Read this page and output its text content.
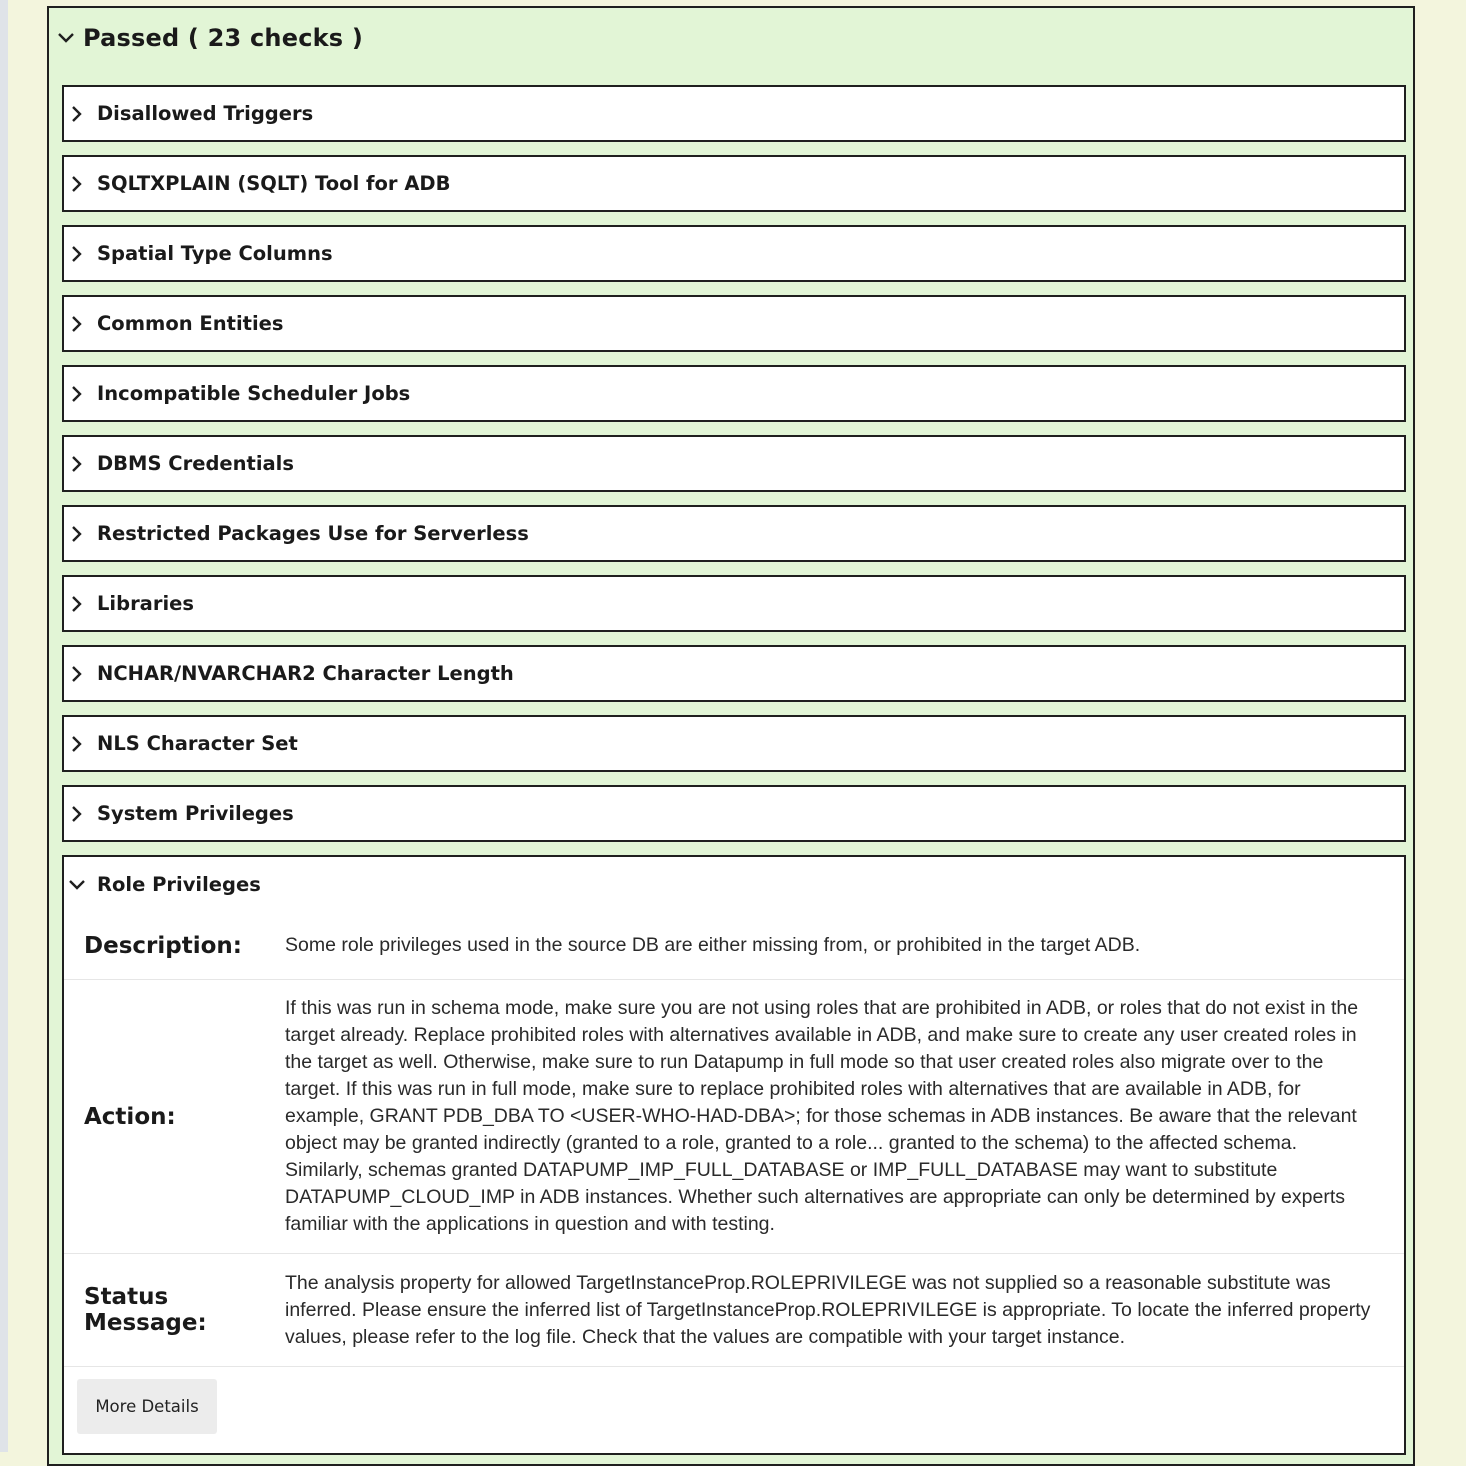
Passed ( 23 checks )
Disallowed Triggers
SQLTXPLAIN (SQLT) Tool for ADB
Spatial Type Columns
Common Entities
Incompatible Scheduler Jobs
DBMS Credentials
Restricted Packages Use for Serverless
Libraries
NCHAR/NVARCHAR2 Character Length
NLS Character Set
System Privileges
Role Privileges
Description:	Some role privileges used in the source DB are either missing from, or prohibited in the target ADB.
Action:
If this was run in schema mode, make sure you are not using roles that are prohibited in ADB, or roles that do not exist in the target already. Replace prohibited roles with alternatives available in ADB, and make sure to create any user created roles in the target as well. Otherwise, make sure to run Datapump in full mode so that user created roles also migrate over to the target. If this was run in full mode, make sure to replace prohibited roles with alternatives that are available in ADB, for example, GRANT PDB_DBA TO <USER-WHO-HAD-DBA>; for those schemas in ADB instances. Be aware that the relevant object may be granted indirectly (granted to a role, granted to a role... granted to the schema) to the affected schema. Similarly, schemas granted DATAPUMP_IMP_FULL_DATABASE or IMP_FULL_DATABASE may want to substitute DATAPUMP_CLOUD_IMP in ADB instances. Whether such alternatives are appropriate can only be determined by experts familiar with the applications in question and with testing.
Status Message:
The analysis property for allowed TargetInstanceProp.ROLEPRIVILEGE was not supplied so a reasonable substitute was inferred. Please ensure the inferred list of TargetInstanceProp.ROLEPRIVILEGE is appropriate. To locate the inferred property values, please refer to the log file. Check that the values are compatible with your target instance.
More Details
